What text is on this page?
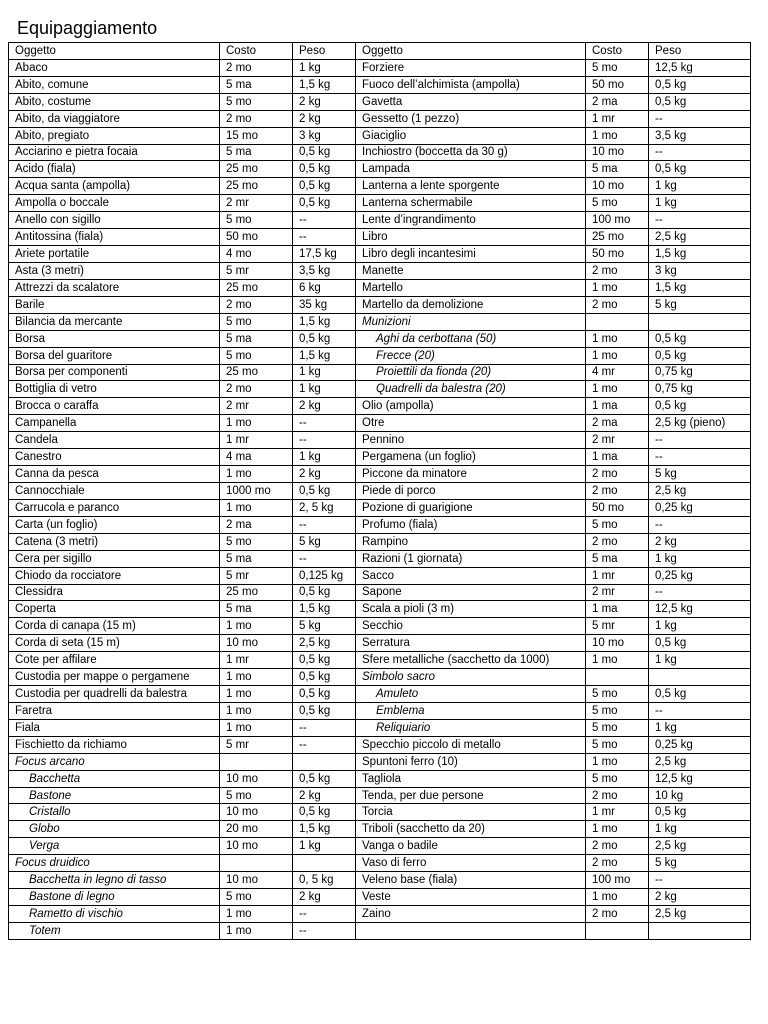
Equipaggiamento
Oggetto	Costo	Peso	Oggetto	Costo	Peso
Abaco	2 mo	1 kg	Forziere	5 mo	12,5 kg
Abito, comune	5 ma	1,5 kg	Fuoco dell’alchimista (ampolla)	50 mo	0,5 kg
Abito, costume	5 mo	2 kg	Gavetta	2 ma	0,5 kg
Abito, da viaggiatore	2 mo	2 kg	Gessetto (1 pezzo)	1 mr	--
Abito, pregiato	15 mo	3 kg	Giaciglio	1 mo	3,5 kg
Acciarino e pietra focaia	5 ma	0,5 kg	Inchiostro (boccetta da 30 g)	10 mo	--
Acido (fiala)	25 mo	0,5 kg	Lampada	5 ma	0,5 kg
Acqua santa (ampolla)	25 mo	0,5 kg	Lanterna a lente sporgente	10 mo	1 kg
Ampolla o boccale	2 mr	0,5 kg	Lanterna schermabile	5 mo	1 kg
Anello con sigillo	5 mo	--	Lente d’ingrandimento	100 mo	--
Antitossina (fiala)	50 mo	--	Libro	25 mo	2,5 kg
Ariete portatile	4 mo	17,5 kg	Libro degli incantesimi	50 mo	1,5 kg
Asta (3 metri)	5 mr	3,5 kg	Manette	2 mo	3 kg
Attrezzi da scalatore	25 mo	6 kg	Martello	1 mo	1,5 kg
Barile	2 mo	35 kg	Martello da demolizione	2 mo	5 kg
Bilancia da mercante	5 mo	1,5 kg	Munizioni		
Borsa	5 ma	0,5 kg	Aghi da cerbottana (50)	1 mo	0,5 kg
Borsa del guaritore	5 mo	1,5 kg	Frecce (20)	1 mo	0,5 kg
Borsa per componenti	25 mo	1 kg	Proiettili da fionda (20)	4 mr	0,75 kg
Bottiglia di vetro	2 mo	1 kg	Quadrelli da balestra (20)	1 mo	0,75 kg
Brocca o caraffa	2 mr	2 kg	Olio (ampolla)	1 ma	0,5 kg
Campanella	1 mo	--	Otre	2 ma	2,5 kg (pieno)
Candela	1 mr	--	Pennino	2 mr	--
Canestro	4 ma	1 kg	Pergamena (un foglio)	1 ma	--
Canna da pesca	1 mo	2 kg	Piccone da minatore	2 mo	5 kg
Cannocchiale	1000 mo	0,5 kg	Piede di porco	2 mo	2,5 kg
Carrucola e paranco	1 mo	2, 5 kg	Pozione di guarigione	50 mo	0,25 kg
Carta (un foglio)	2 ma	--	Profumo (fiala)	5 mo	--
Catena (3 metri)	5 mo	5 kg	Rampino	2 mo	2 kg
Cera per sigillo	5 ma	--	Razioni (1 giornata)	5 ma	1 kg
Chiodo da rocciatore	5 mr	0,125 kg	Sacco	1 mr	0,25 kg
Clessidra	25 mo	0,5 kg	Sapone	2 mr	--
Coperta	5 ma	1,5 kg	Scala a pioli (3 m)	1 ma	12,5 kg
Corda di canapa (15 m)	1 mo	5 kg	Secchio	5 mr	1 kg
Corda di seta (15 m)	10 mo	2,5 kg	Serratura	10 mo	0,5 kg
Cote per affilare	1 mr	0,5 kg	Sfere metalliche (sacchetto da 1000)	1 mo	1 kg
Custodia per mappe o pergamene	1 mo	0,5 kg	Simbolo sacro		
Custodia per quadrelli da balestra	1 mo	0,5 kg	Amuleto	5 mo	0,5 kg
Faretra	1 mo	0,5 kg	Emblema	5 mo	--
Fiala	1 mo	--	Reliquiario	5 mo	1 kg
Fischietto da richiamo	5 mr	--	Specchio piccolo di metallo	5 mo	0,25 kg
Focus arcano			Spuntoni ferro (10)	1 mo	2,5 kg
Bacchetta	10 mo	0,5 kg	Tagliola	5 mo	12,5 kg
Bastone	5 mo	2 kg	Tenda, per due persone	2 mo	10 kg
Cristallo	10 mo	0,5 kg	Torcia	1 mr	0,5 kg
Globo	20 mo	1,5 kg	Triboli (sacchetto da 20)	1 mo	1 kg
Verga	10 mo	1 kg	Vanga o badile	2 mo	2,5 kg
Focus druidico			Vaso di ferro	2 mo	5 kg
Bacchetta in legno di tasso	10 mo	0, 5 kg	Veleno base (fiala)	100 mo	--
Bastone di legno	5 mo	2 kg	Veste	1 mo	2 kg
Rametto di vischio	1 mo	--	Zaino	2 mo	2,5 kg
Totem	1 mo	--			
